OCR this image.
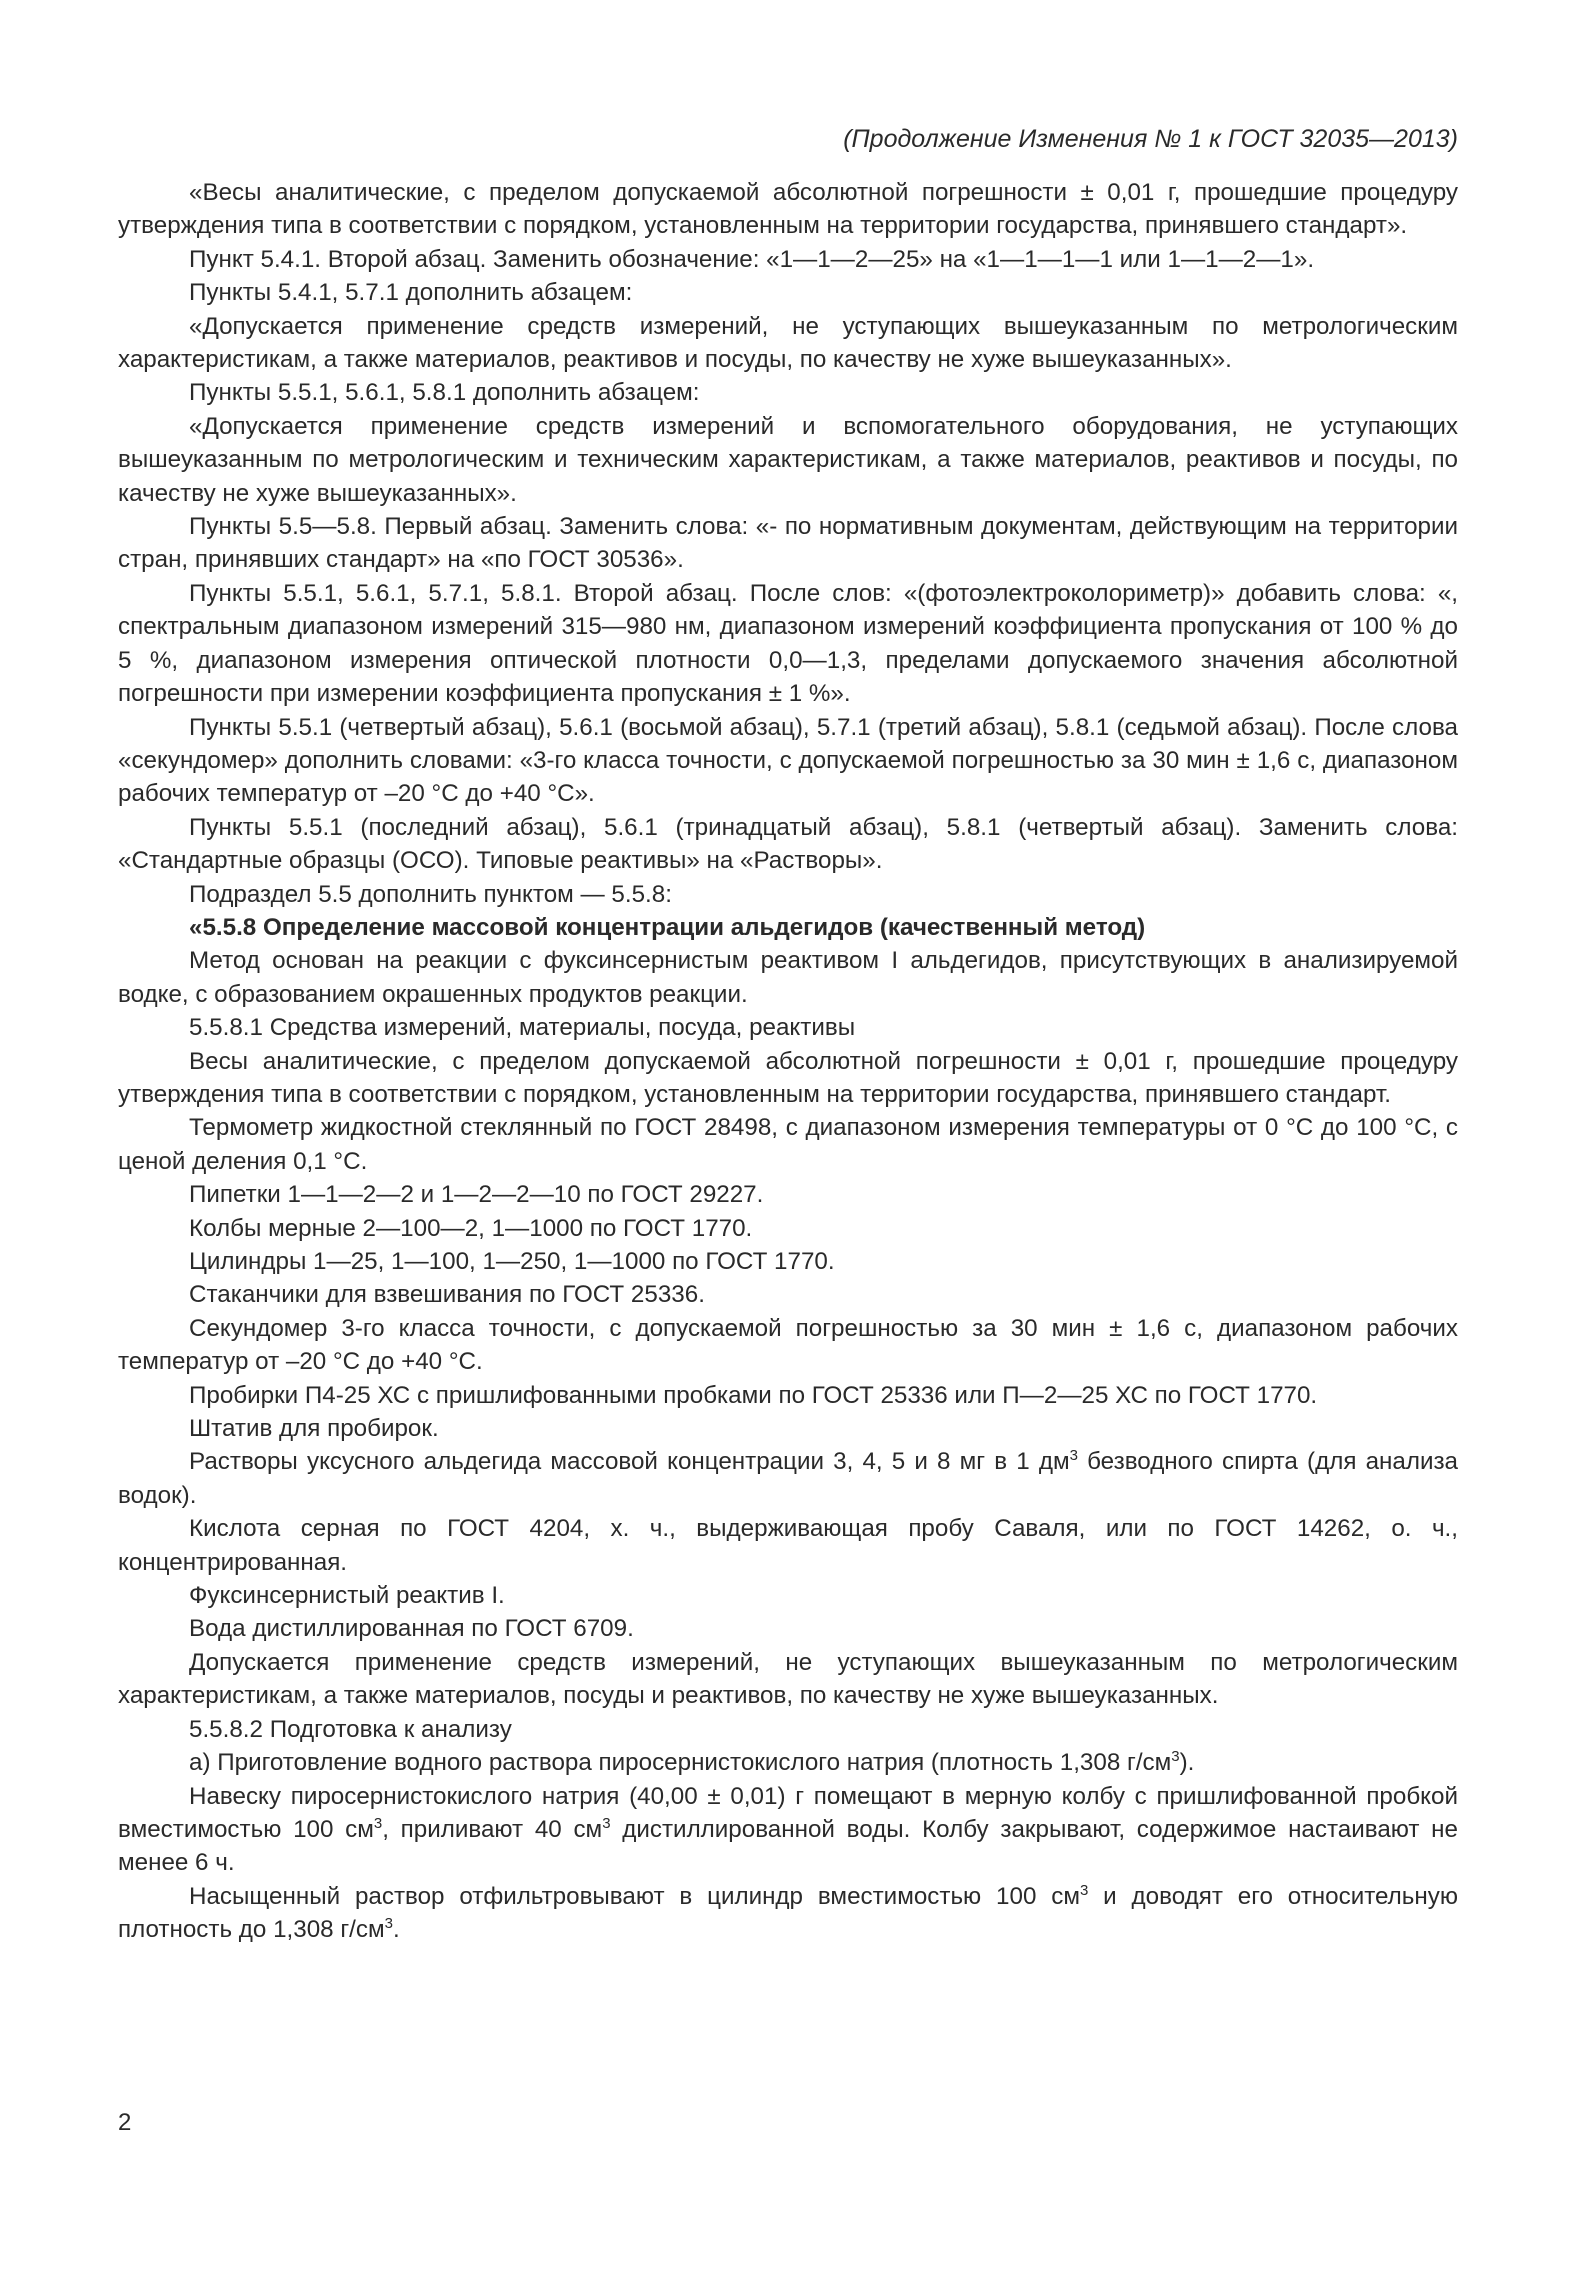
(Продолжение Изменения № 1 к ГОСТ 32035—2013)

«Весы аналитические, с пределом допускаемой абсолютной погрешности ± 0,01 г, прошедшие процедуру утверждения типа в соответствии с порядком, установленным на территории государства, принявшего стандарт».

Пункт 5.4.1. Второй абзац. Заменить обозначение: «1—1—2—25» на «1—1—1—1 или 1—1—2—1».

Пункты 5.4.1, 5.7.1 дополнить абзацем:

«Допускается применение средств измерений, не уступающих вышеуказанным по метрологическим характеристикам, а также материалов, реактивов и посуды, по качеству не хуже вышеуказанных».

Пункты 5.5.1, 5.6.1, 5.8.1 дополнить абзацем:

«Допускается применение средств измерений и вспомогательного оборудования, не уступающих вышеуказанным по метрологическим и техническим характеристикам, а также материалов, реактивов и посуды, по качеству не хуже вышеуказанных».

Пункты 5.5—5.8. Первый абзац. Заменить слова: «- по нормативным документам, действующим на территории стран, принявших стандарт» на «по ГОСТ 30536».

Пункты 5.5.1, 5.6.1, 5.7.1, 5.8.1. Второй абзац. После слов: «(фотоэлектроколориметр)» добавить слова: «, спектральным диапазоном измерений 315—980 нм, диапазоном измерений коэффициента пропускания от 100 % до 5 %, диапазоном измерения оптической плотности 0,0—1,3, пределами допускаемого значения абсолютной погрешности при измерении коэффициента пропускания ± 1 %».

Пункты 5.5.1 (четвертый абзац), 5.6.1 (восьмой абзац), 5.7.1 (третий абзац), 5.8.1 (седьмой абзац). После слова «секундомер» дополнить словами: «3-го класса точности, с допускаемой погрешностью за 30 мин ± 1,6 с, диапазоном рабочих температур от –20 °С до +40 °С».

Пункты 5.5.1 (последний абзац), 5.6.1 (тринадцатый абзац), 5.8.1 (четвертый абзац). Заменить слова: «Стандартные образцы (ОСО). Типовые реактивы» на «Растворы».

Подраздел 5.5 дополнить пунктом — 5.5.8:

«5.5.8 Определение массовой концентрации альдегидов (качественный метод)

Метод основан на реакции с фуксинсернистым реактивом I альдегидов, присутствующих в анализируемой водке, с образованием окрашенных продуктов реакции.

5.5.8.1 Средства измерений, материалы, посуда, реактивы

Весы аналитические, с пределом допускаемой абсолютной погрешности ± 0,01 г, прошедшие процедуру утверждения типа в соответствии с порядком, установленным на территории государства, принявшего стандарт.

Термометр жидкостной стеклянный по ГОСТ 28498, с диапазоном измерения температуры от 0 °С до 100 °С, с ценой деления 0,1 °С.

Пипетки 1—1—2—2 и 1—2—2—10 по ГОСТ 29227.

Колбы мерные 2—100—2, 1—1000 по ГОСТ 1770.

Цилиндры 1—25, 1—100, 1—250, 1—1000 по ГОСТ 1770.

Стаканчики для взвешивания по ГОСТ 25336.

Секундомер 3-го класса точности, с допускаемой погрешностью за 30 мин ± 1,6 с, диапазоном рабочих температур от –20 °С до +40 °С.

Пробирки П4-25 ХС с пришлифованными пробками по ГОСТ 25336 или П—2—25 ХС по ГОСТ 1770.

Штатив для пробирок.

Растворы уксусного альдегида массовой концентрации 3, 4, 5 и 8 мг в 1 $дм^3$ безводного спирта (для анализа водок).

Кислота серная по ГОСТ 4204, х. ч., выдерживающая пробу Саваля, или по ГОСТ 14262, о. ч., концентрированная.

Фуксинсернистый реактив I.

Вода дистиллированная по ГОСТ 6709.

Допускается применение средств измерений, не уступающих вышеуказанным по метрологическим характеристикам, а также материалов, посуды и реактивов, по качеству не хуже вышеуказанных.

5.5.8.2 Подготовка к анализу

а) Приготовление водного раствора пиросернистокислого натрия (плотность 1,308 $г/см^3$).

Навеску пиросернистокислого натрия (40,00 ± 0,01) г помещают в мерную колбу с пришлифованной пробкой вместимостью 100 $см^3$, приливают 40 $см^3$ дистиллированной воды. Колбу закрывают, содержимое настаивают не менее 6 ч.

Насыщенный раствор отфильтровывают в цилиндр вместимостью 100 $см^3$ и доводят его относительную плотность до 1,308 $г/см^3$.

2
